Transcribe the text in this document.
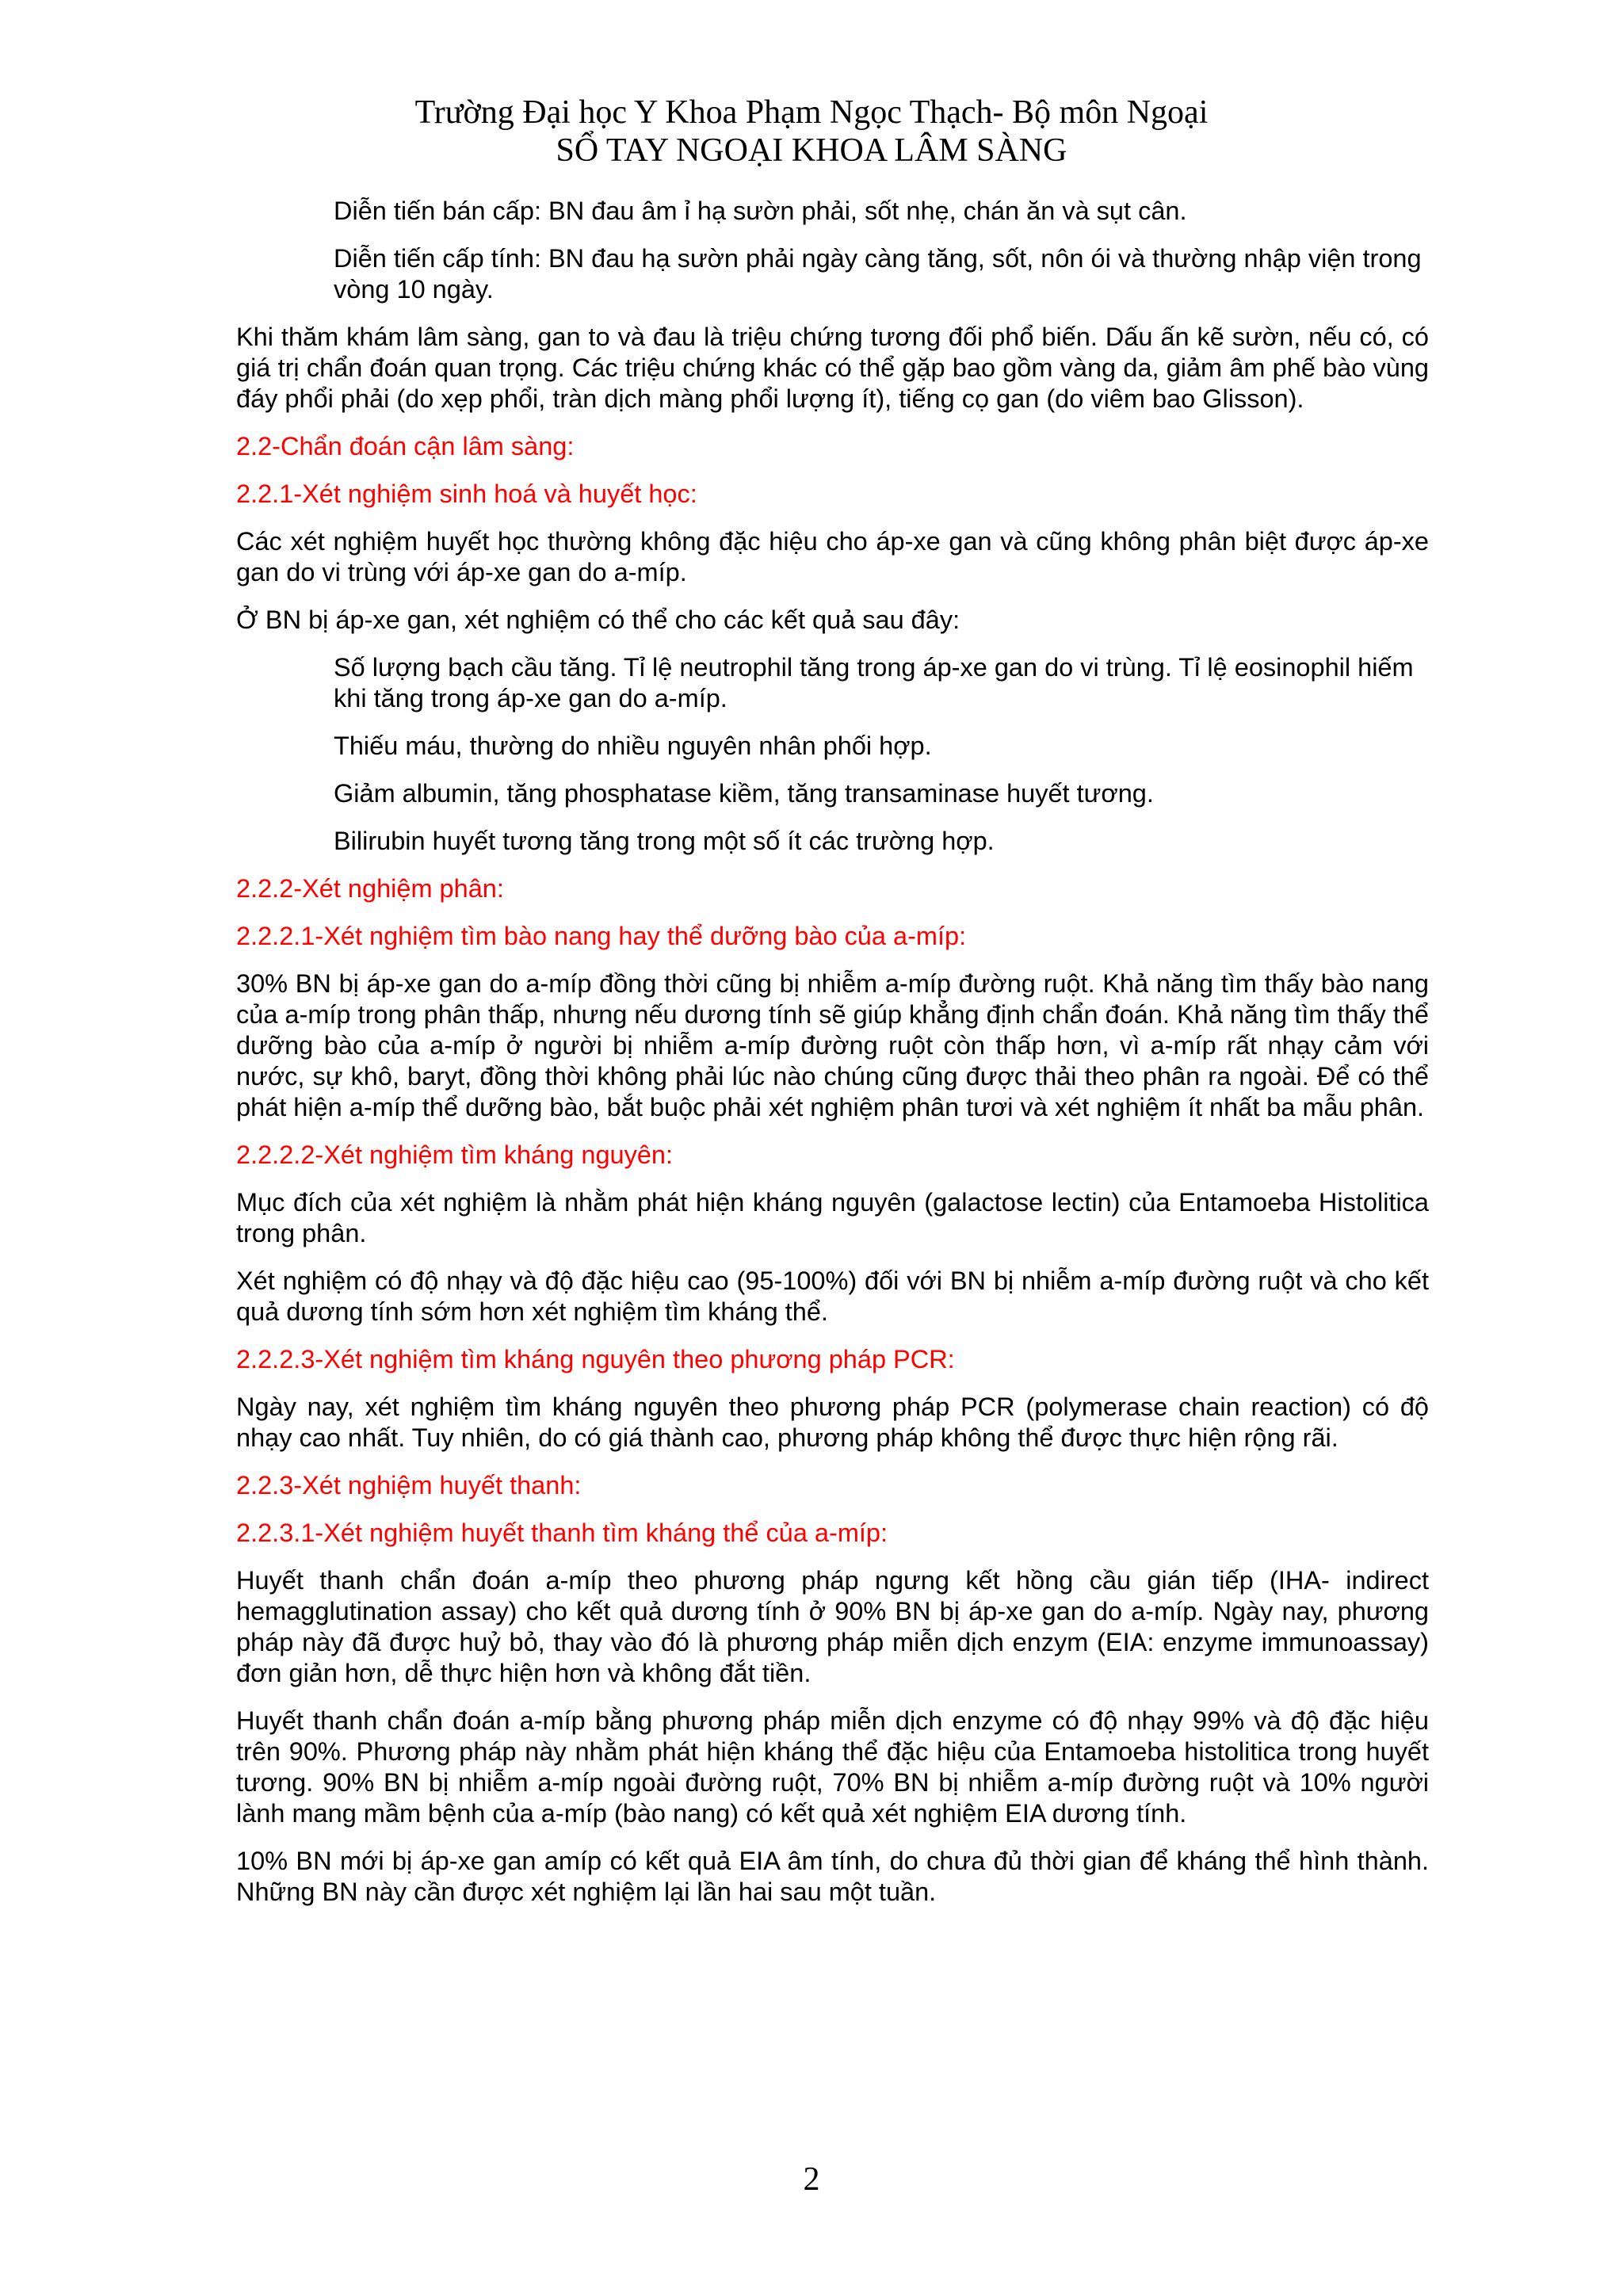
Trường Đại học Y Khoa Phạm Ngọc Thạch- Bộ môn Ngoại
SỔ TAY NGOẠI KHOA LÂM SÀNG

Diễn tiến bán cấp: BN đau âm ỉ hạ sườn phải, sốt nhẹ, chán ăn và sụt cân.

Diễn tiến cấp tính: BN đau hạ sườn phải ngày càng tăng, sốt, nôn ói và thường nhập viện trong vòng 10 ngày.

Khi thăm khám lâm sàng, gan to và đau là triệu chứng tương đối phổ biến. Dấu ấn kẽ sườn, nếu có, có giá trị chẩn đoán quan trọng. Các triệu chứng khác có thể gặp bao gồm vàng da, giảm âm phế bào vùng đáy phổi phải (do xẹp phổi, tràn dịch màng phổi lượng ít), tiếng cọ gan (do viêm bao Glisson).

2.2-Chẩn đoán cận lâm sàng:

2.2.1-Xét nghiệm sinh hoá và huyết học:

Các xét nghiệm huyết học thường không đặc hiệu cho áp-xe gan và cũng không phân biệt được áp-xe gan do vi trùng với áp-xe gan do a-míp.

Ở BN bị áp-xe gan, xét nghiệm có thể cho các kết quả sau đây:

Số lượng bạch cầu tăng. Tỉ lệ neutrophil tăng trong áp-xe gan do vi trùng. Tỉ lệ eosinophil hiếm khi tăng trong áp-xe gan do a-míp.

Thiếu máu, thường do nhiều nguyên nhân phối hợp.

Giảm albumin, tăng phosphatase kiềm, tăng transaminase huyết tương.

Bilirubin huyết tương tăng trong một số ít các trường hợp.

2.2.2-Xét nghiệm phân:

2.2.2.1-Xét nghiệm tìm bào nang hay thể dưỡng bào của a-míp:

30% BN bị áp-xe gan do a-míp đồng thời cũng bị nhiễm a-míp đường ruột. Khả năng tìm thấy bào nang của a-míp trong phân thấp, nhưng nếu dương tính sẽ giúp khẳng định chẩn đoán. Khả năng tìm thấy thể dưỡng bào của a-míp ở người bị nhiễm a-míp đường ruột còn thấp hơn, vì a-míp rất nhạy cảm với nước, sự khô, baryt, đồng thời không phải lúc nào chúng cũng được thải theo phân ra ngoài. Để có thể phát hiện a-míp thể dưỡng bào, bắt buộc phải xét nghiệm phân tươi và xét nghiệm ít nhất ba mẫu phân.

2.2.2.2-Xét nghiệm tìm kháng nguyên:

Mục đích của xét nghiệm là nhằm phát hiện kháng nguyên (galactose lectin) của Entamoeba Histolitica trong phân.

Xét nghiệm có độ nhạy và độ đặc hiệu cao (95-100%) đối với BN bị nhiễm a-míp đường ruột và cho kết quả dương tính sớm hơn xét nghiệm tìm kháng thể.

2.2.2.3-Xét nghiệm tìm kháng nguyên theo phương pháp PCR:

Ngày nay, xét nghiệm tìm kháng nguyên theo phương pháp PCR (polymerase chain reaction) có độ nhạy cao nhất. Tuy nhiên, do có giá thành cao, phương pháp không thể được thực hiện rộng rãi.

2.2.3-Xét nghiệm huyết thanh:

2.2.3.1-Xét nghiệm huyết thanh tìm kháng thể của a-míp:

Huyết thanh chẩn đoán a-míp theo phương pháp ngưng kết hồng cầu gián tiếp (IHA- indirect hemagglutination assay) cho kết quả dương tính ở 90% BN bị áp-xe gan do a-míp. Ngày nay, phương pháp này đã được huỷ bỏ, thay vào đó là phương pháp miễn dịch enzym (EIA: enzyme immunoassay) đơn giản hơn, dễ thực hiện hơn và không đắt tiền.

Huyết thanh chẩn đoán a-míp bằng phương pháp miễn dịch enzyme có độ nhạy 99% và độ đặc hiệu trên 90%. Phương pháp này nhằm phát hiện kháng thể đặc hiệu của Entamoeba histolitica trong huyết tương. 90% BN bị nhiễm a-míp ngoài đường ruột, 70% BN bị nhiễm a-míp đường ruột và 10% người lành mang mầm bệnh của a-míp (bào nang) có kết quả xét nghiệm EIA dương tính.

10% BN mới bị áp-xe gan amíp có kết quả EIA âm tính, do chưa đủ thời gian để kháng thể hình thành. Những BN này cần được xét nghiệm lại lần hai sau một tuần.

2
